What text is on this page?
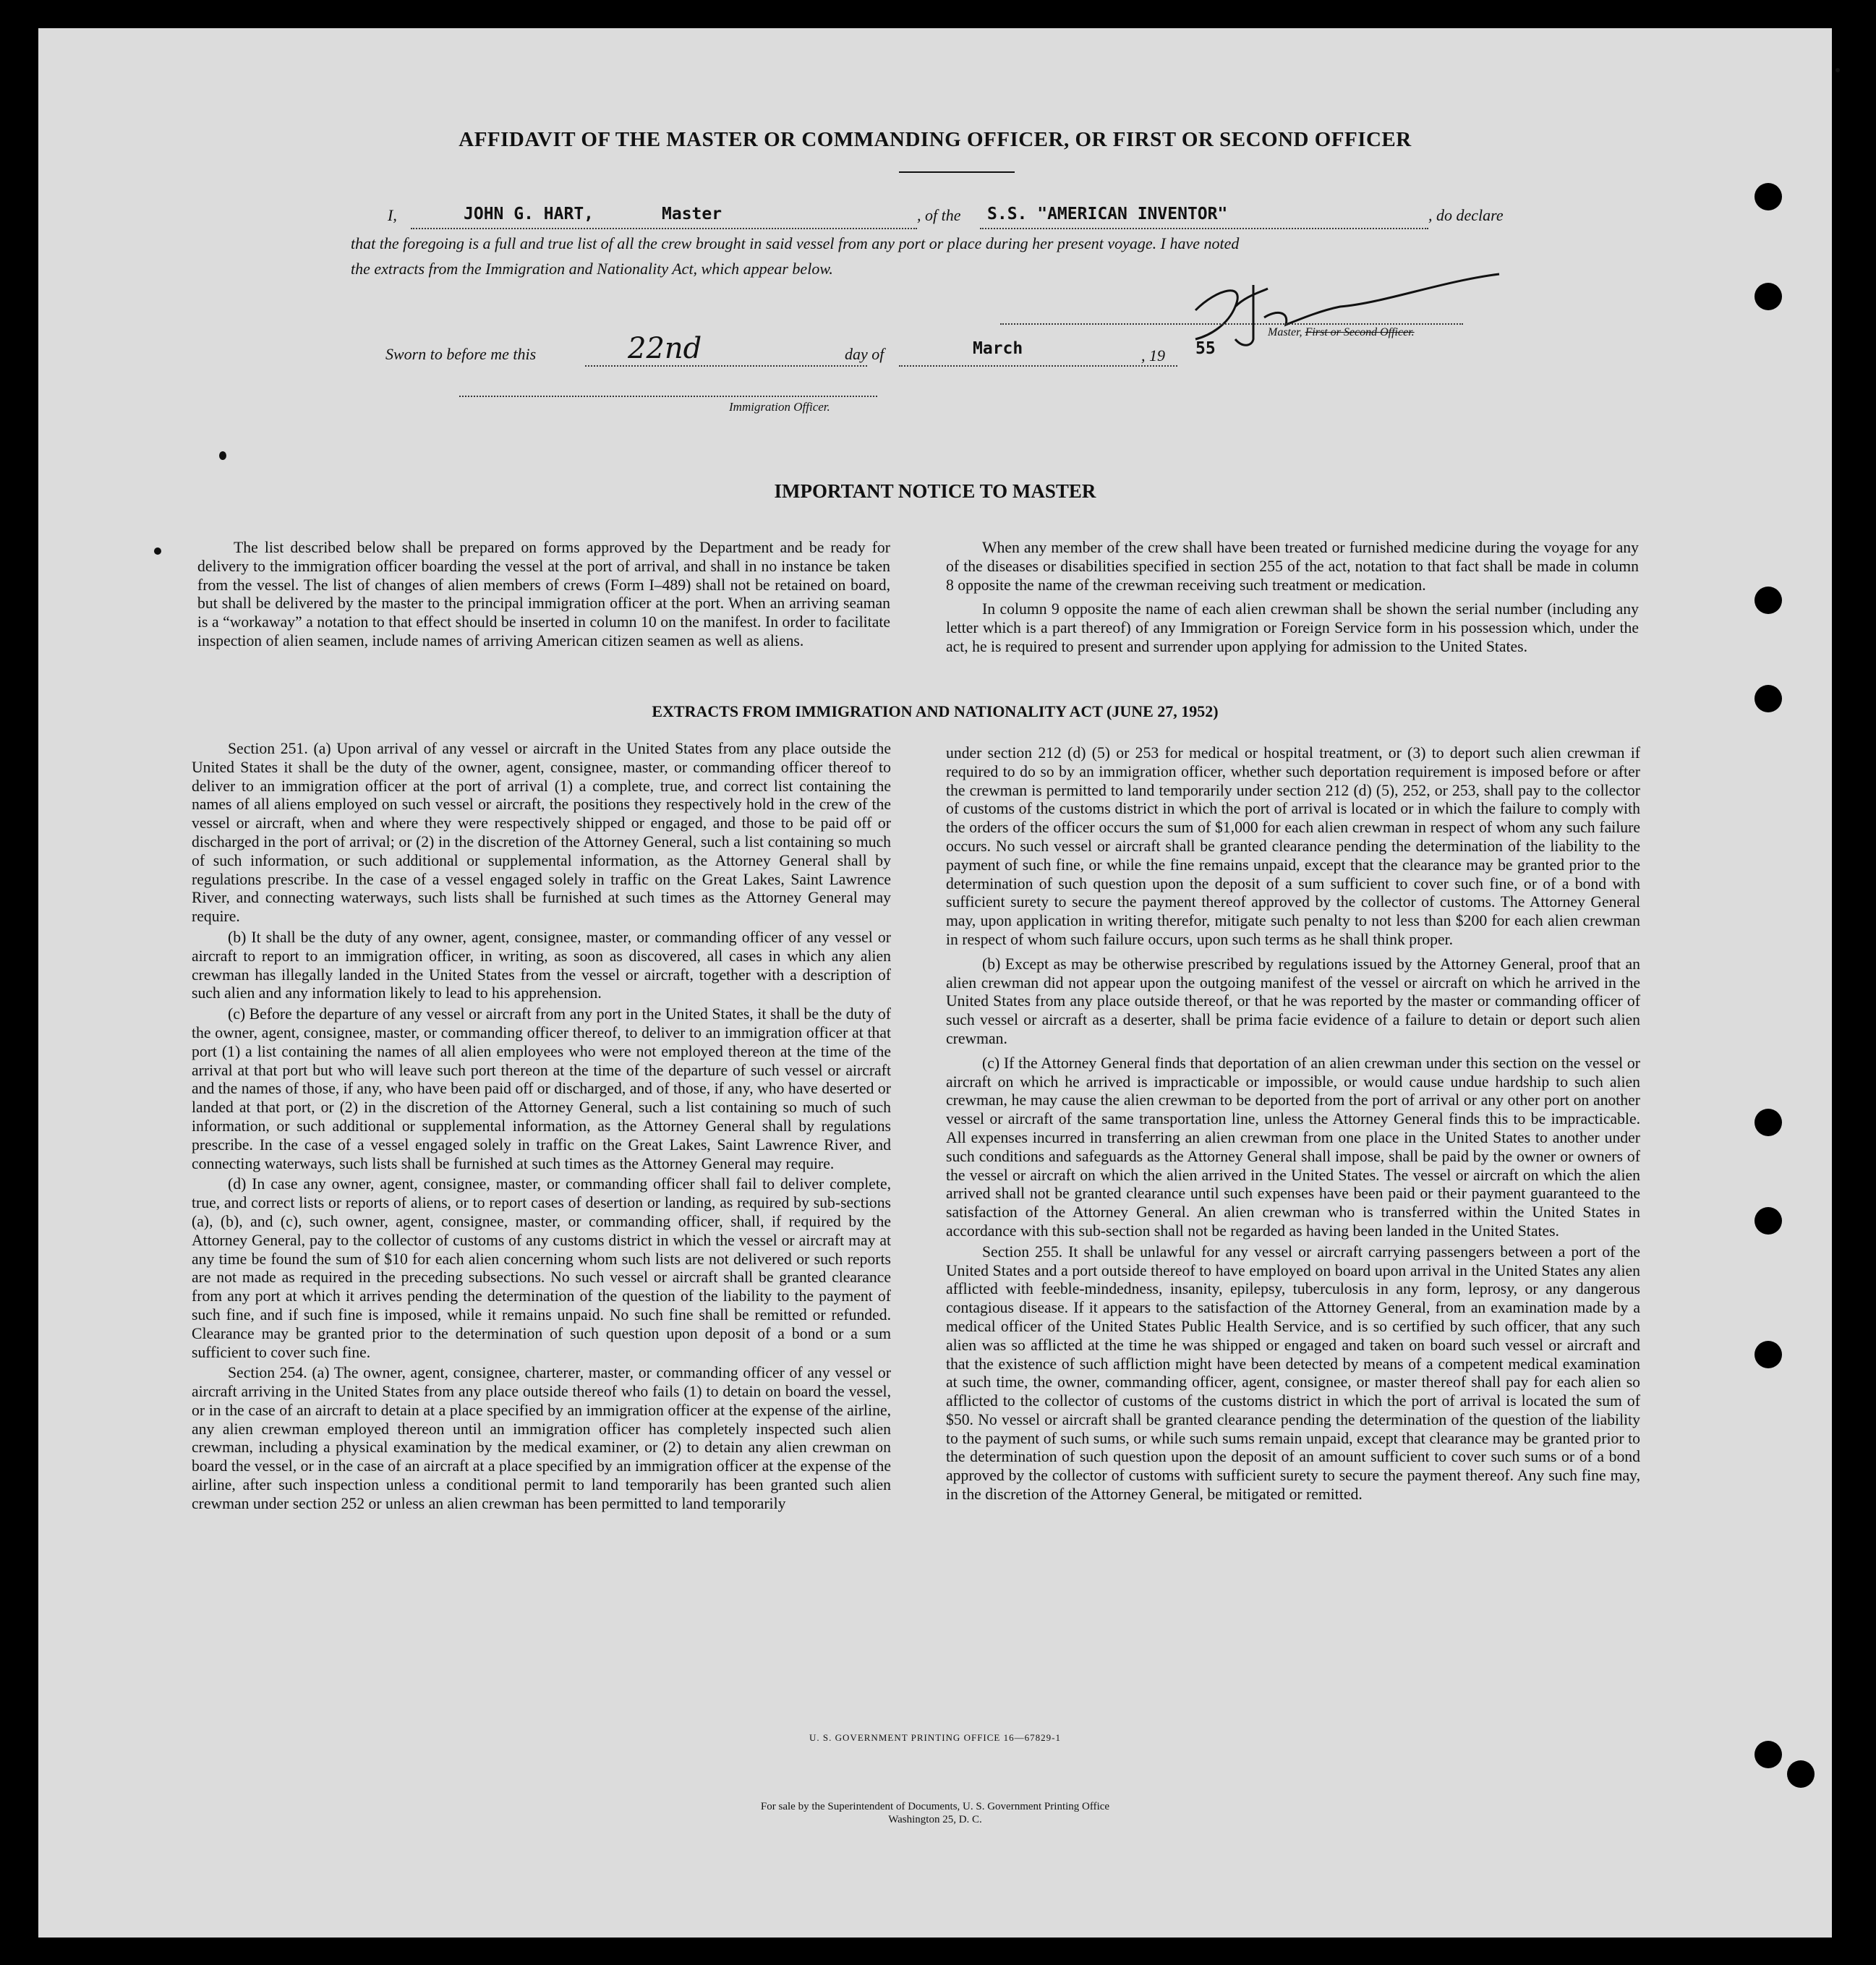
AFFIDAVIT OF THE MASTER OR COMMANDING OFFICER, OR FIRST OR SECOND OFFICER
I,	JOHN G. HART,	Master	, of the S.S. "AMERICAN INVENTOR"	, do declare
that the foregoing is a full and true list of all the crew brought in said vessel from any port or place during her present voyage. I have noted
the extracts from the Immigration and Nationality Act, which appear below.
Master, First or Second Officer.
Sworn to before me this	22nd	day of	March	, 19 55
Immigration Officer.
IMPORTANT NOTICE TO MASTER

The list described below shall be prepared on forms approved by the Department and be ready for delivery to the immigration officer boarding the vessel at the port of arrival, and shall in no instance be taken from the vessel. The list of changes of alien members of crews (Form I–489) shall not be retained on board, but shall be delivered by the master to the principal immigration officer at the port. When an arriving seaman is a “workaway” a notation to that effect should be inserted in column 10 on the manifest. In order to facilitate inspection of alien seamen, include names of arriving American citizen seamen as well as aliens.

When any member of the crew shall have been treated or furnished medicine during the voyage for any of the diseases or disabilities specified in section 255 of the act, notation to that fact shall be made in column 8 opposite the name of the crewman receiving such treatment or medication.

In column 9 opposite the name of each alien crewman shall be shown the serial number (including any letter which is a part thereof) of any Immigration or Foreign Service form in his possession which, under the act, he is required to present and surrender upon applying for admission to the United States.

EXTRACTS FROM IMMIGRATION AND NATIONALITY ACT (JUNE 27, 1952)

Section 251. (a) Upon arrival of any vessel or aircraft in the United States from any place outside the United States it shall be the duty of the owner, agent, consignee, master, or commanding officer thereof to deliver to an immigration officer at the port of arrival (1) a complete, true, and correct list containing the names of all aliens employed on such vessel or aircraft, the positions they respectively hold in the crew of the vessel or aircraft, when and where they were respectively shipped or engaged, and those to be paid off or discharged in the port of arrival; or (2) in the discretion of the Attorney General, such a list containing so much of such information, or such additional or supplemental information, as the Attorney General shall by regulations prescribe. In the case of a vessel engaged solely in traffic on the Great Lakes, Saint Lawrence River, and connecting waterways, such lists shall be furnished at such times as the Attorney General may require.

(b) It shall be the duty of any owner, agent, consignee, master, or commanding officer of any vessel or aircraft to report to an immigration officer, in writing, as soon as discovered, all cases in which any alien crewman has illegally landed in the United States from the vessel or aircraft, together with a description of such alien and any information likely to lead to his apprehension.

(c) Before the departure of any vessel or aircraft from any port in the United States, it shall be the duty of the owner, agent, consignee, master, or commanding officer thereof, to deliver to an immigration officer at that port (1) a list containing the names of all alien employees who were not employed thereon at the time of the arrival at that port but who will leave such port thereon at the time of the departure of such vessel or aircraft and the names of those, if any, who have been paid off or discharged, and of those, if any, who have deserted or landed at that port, or (2) in the discretion of the Attorney General, such a list containing so much of such information, or such additional or supplemental information, as the Attorney General shall by regulations prescribe. In the case of a vessel engaged solely in traffic on the Great Lakes, Saint Lawrence River, and connecting waterways, such lists shall be furnished at such times as the Attorney General may require.

(d) In case any owner, agent, consignee, master, or commanding officer shall fail to deliver complete, true, and correct lists or reports of aliens, or to report cases of desertion or landing, as required by sub-sections (a), (b), and (c), such owner, agent, consignee, master, or commanding officer, shall, if required by the Attorney General, pay to the collector of customs of any customs district in which the vessel or aircraft may at any time be found the sum of $10 for each alien concerning whom such lists are not delivered or such reports are not made as required in the preceding subsections. No such vessel or aircraft shall be granted clearance from any port at which it arrives pending the determination of the question of the liability to the payment of such fine, and if such fine is imposed, while it remains unpaid. No such fine shall be remitted or refunded. Clearance may be granted prior to the determination of such question upon deposit of a bond or a sum sufficient to cover such fine.

Section 254. (a) The owner, agent, consignee, charterer, master, or commanding officer of any vessel or aircraft arriving in the United States from any place outside thereof who fails (1) to detain on board the vessel, or in the case of an aircraft to detain at a place specified by an immigration officer at the expense of the airline, any alien crewman employed thereon until an immigration officer has completely inspected such alien crewman, including a physical examination by the medical examiner, or (2) to detain any alien crewman on board the vessel, or in the case of an aircraft at a place specified by an immigration officer at the expense of the airline, after such inspection unless a conditional permit to land temporarily has been granted such alien crewman under section 252 or unless an alien crewman has been permitted to land temporarily

under section 212 (d) (5) or 253 for medical or hospital treatment, or (3) to deport such alien crewman if required to do so by an immigration officer, whether such deportation requirement is imposed before or after the crewman is permitted to land temporarily under section 212 (d) (5), 252, or 253, shall pay to the collector of customs of the customs district in which the port of arrival is located or in which the failure to comply with the orders of the officer occurs the sum of $1,000 for each alien crewman in respect of whom any such failure occurs. No such vessel or aircraft shall be granted clearance pending the determination of the liability to the payment of such fine, or while the fine remains unpaid, except that the clearance may be granted prior to the determination of such question upon the deposit of a sum sufficient to cover such fine, or of a bond with sufficient surety to secure the payment thereof approved by the collector of customs. The Attorney General may, upon application in writing therefor, mitigate such penalty to not less than $200 for each alien crewman in respect of whom such failure occurs, upon such terms as he shall think proper.

(b) Except as may be otherwise prescribed by regulations issued by the Attorney General, proof that an alien crewman did not appear upon the outgoing manifest of the vessel or aircraft on which he arrived in the United States from any place outside thereof, or that he was reported by the master or commanding officer of such vessel or aircraft as a deserter, shall be prima facie evidence of a failure to detain or deport such alien crewman.

(c) If the Attorney General finds that deportation of an alien crewman under this section on the vessel or aircraft on which he arrived is impracticable or impossible, or would cause undue hardship to such alien crewman, he may cause the alien crewman to be deported from the port of arrival or any other port on another vessel or aircraft of the same transportation line, unless the Attorney General finds this to be impracticable. All expenses incurred in transferring an alien crewman from one place in the United States to another under such conditions and safeguards as the Attorney General shall impose, shall be paid by the owner or owners of the vessel or aircraft on which the alien arrived in the United States. The vessel or aircraft on which the alien arrived shall not be granted clearance until such expenses have been paid or their payment guaranteed to the satisfaction of the Attorney General. An alien crewman who is transferred within the United States in accordance with this sub-section shall not be regarded as having been landed in the United States.

Section 255. It shall be unlawful for any vessel or aircraft carrying passengers between a port of the United States and a port outside thereof to have employed on board upon arrival in the United States any alien afflicted with feeble-mindedness, insanity, epilepsy, tuberculosis in any form, leprosy, or any dangerous contagious disease. If it appears to the satisfaction of the Attorney General, from an examination made by a medical officer of the United States Public Health Service, and is so certified by such officer, that any such alien was so afflicted at the time he was shipped or engaged and taken on board such vessel or aircraft and that the existence of such affliction might have been detected by means of a competent medical examination at such time, the owner, commanding officer, agent, consignee, or master thereof shall pay for each alien so afflicted to the collector of customs of the customs district in which the port of arrival is located the sum of $50. No vessel or aircraft shall be granted clearance pending the determination of the question of the liability to the payment of such sums, or while such sums remain unpaid, except that clearance may be granted prior to the determination of such question upon the deposit of an amount sufficient to cover such sums or of a bond approved by the collector of customs with sufficient surety to secure the payment thereof. Any such fine may, in the discretion of the Attorney General, be mitigated or remitted.

U. S. GOVERNMENT PRINTING OFFICE 16—67829-1
For sale by the Superintendent of Documents, U. S. Government Printing Office
Washington 25, D. C.
